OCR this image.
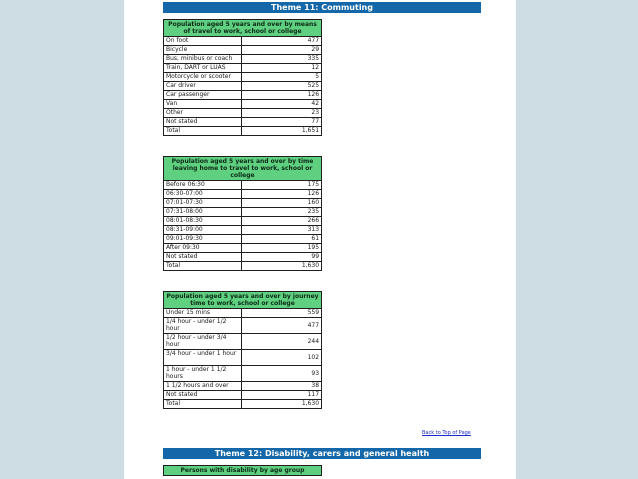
Theme 11: Commuting
Population aged 5 years and over by means of travel to work, school or college	
On foot	477
Bicycle	29
Bus, minibus or coach	335
Train, DART or LUAS	12
Motorcycle or scooter	5
Car driver	525
Car passenger	126
Van	42
Other	23
Not stated	77
Total	1,651
Population aged 5 years and over by time leaving home to travel to work, school or college	
Before 06:30	175
06:30-07:00	126
07:01-07:30	160
07:31-08:00	235
08:01-08:30	266
08:31-09:00	313
09:01-09:30	61
After 09:30	195
Not stated	99
Total	1,630
Population aged 5 years and over by journey time to work, school or college	
Under 15 mins	559
1/4 hour - under 1/2 hour	477
1/2 hour - under 3/4 hour	244
3/4 hour - under 1 hour	102
1 hour - under 1 1/2 hours	93
1 1/2 hours and over	38
Not stated	117
Total	1,630
Back to Top of Page
Theme 12: Disability, carers and general health
Persons with disability by age group
